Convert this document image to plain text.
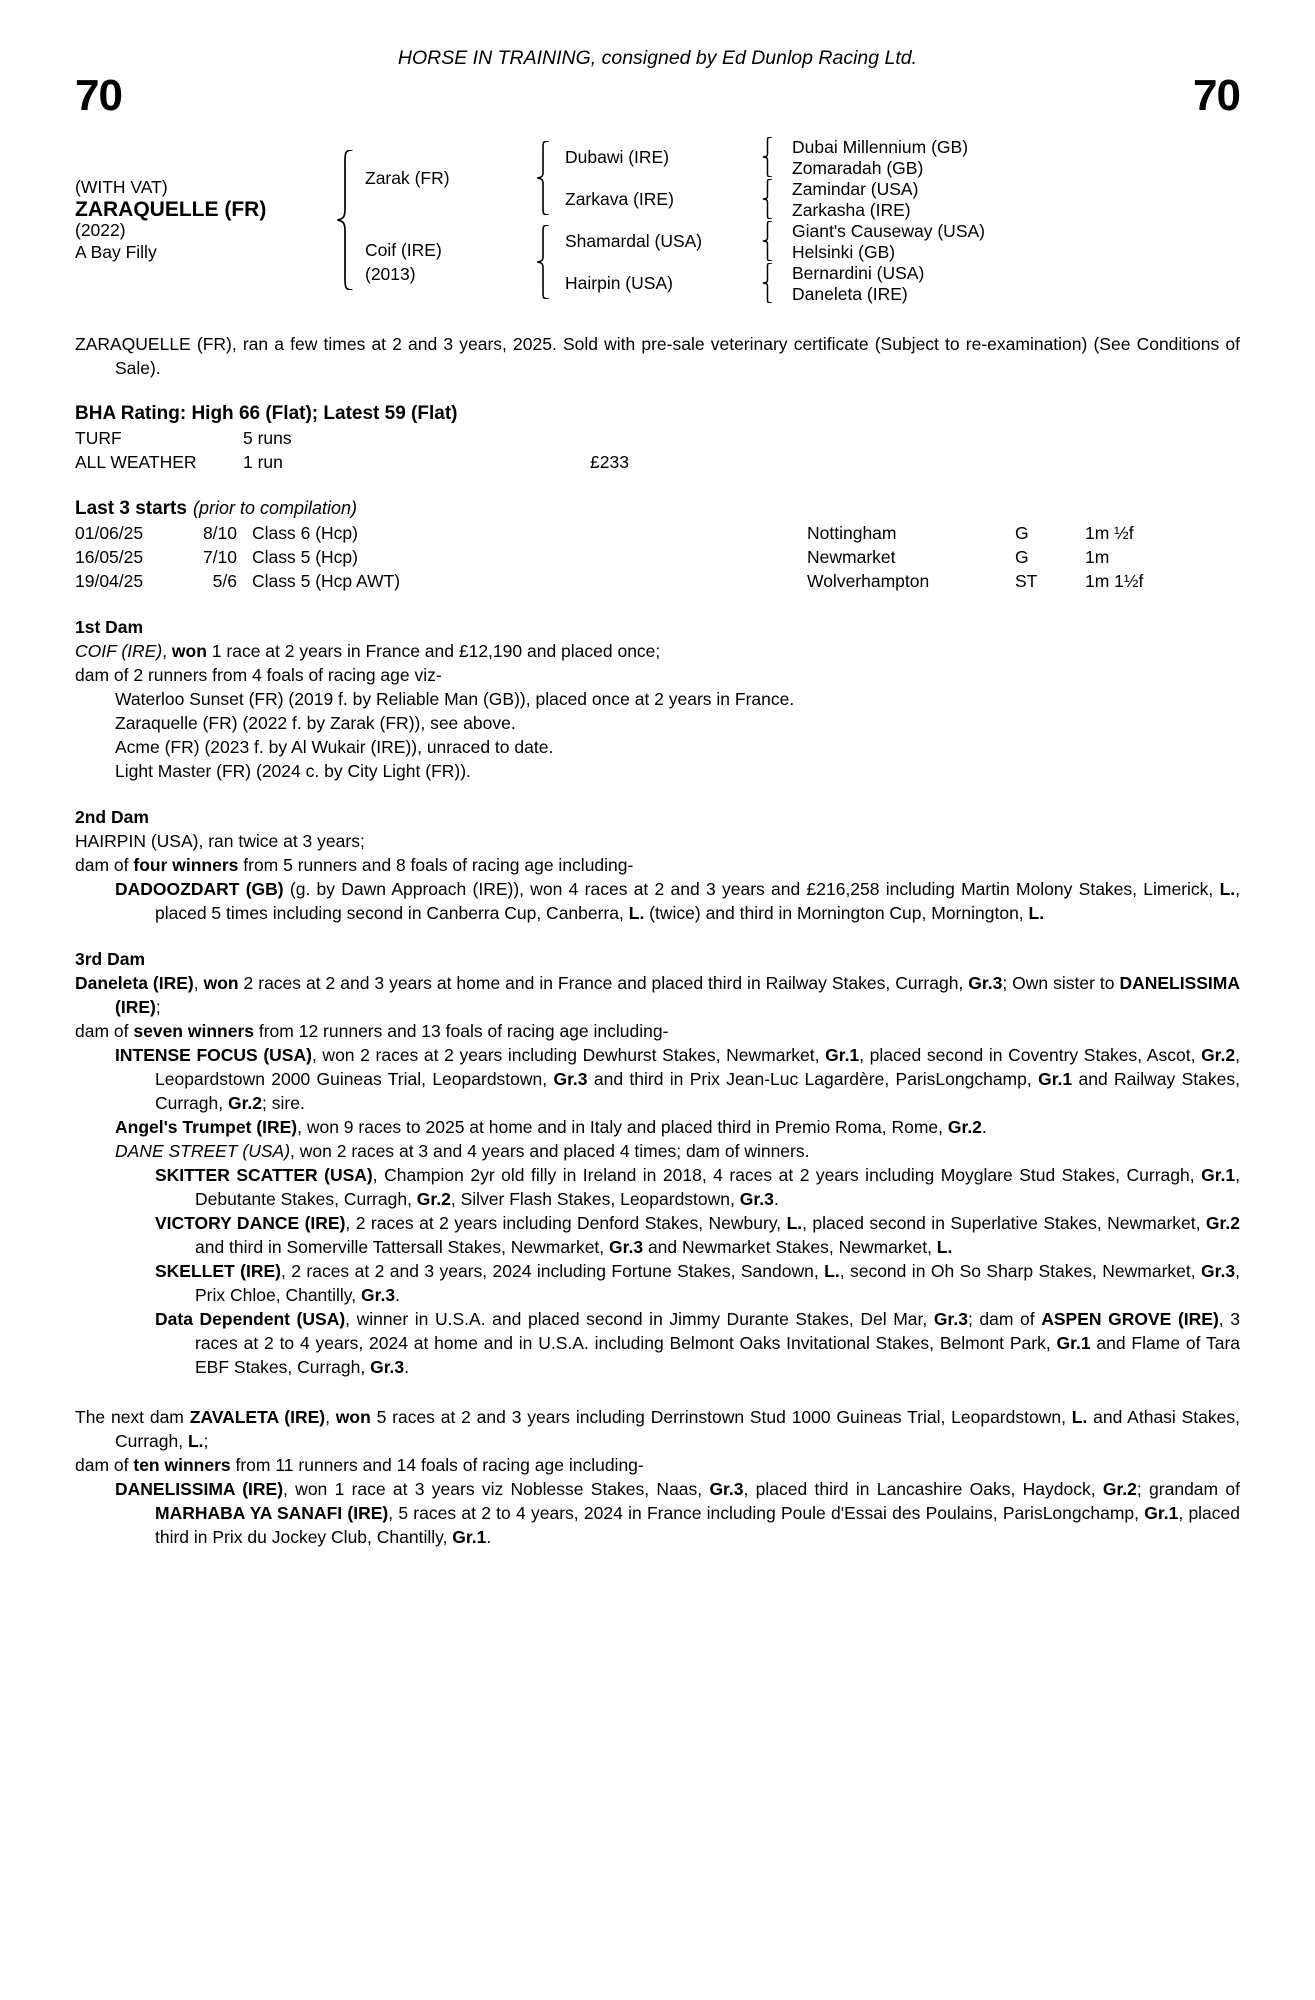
HORSE IN TRAINING, consigned by Ed Dunlop Racing Ltd.
70	70
(WITH VAT)
ZARAQUELLE (FR)
(2022)
A Bay Filly
Zarak (FR)
Coif (IRE)
(2013)
Dubawi (IRE)
Zarkava (IRE)
Shamardal (USA)
Hairpin (USA)
Dubai Millennium (GB)
Zomaradah (GB)
Zamindar (USA)
Zarkasha (IRE)
Giant's Causeway (USA)
Helsinki (GB)
Bernardini (USA)
Daneleta (IRE)

ZARAQUELLE (FR), ran a few times at 2 and 3 years, 2025. Sold with pre-sale veterinary certificate (Subject to re-examination) (See Conditions of Sale).

BHA Rating: High 66 (Flat); Latest 59 (Flat)
TURF	5 runs
ALL WEATHER	1 run	£233
Last 3 starts (prior to compilation)
01/06/25	8/10 Class 6 (Hcp)	Nottingham	G	1m ½f
16/05/25	7/10 Class 5 (Hcp)	Newmarket	G	1m
19/04/25	5/6 Class 5 (Hcp AWT)	Wolverhampton	ST	1m 1½f

1st Dam

COIF (IRE), won 1 race at 2 years in France and £12,190 and placed once;

dam of 2 runners from 4 foals of racing age viz-

Waterloo Sunset (FR) (2019 f. by Reliable Man (GB)), placed once at 2 years in France.

Zaraquelle (FR) (2022 f. by Zarak (FR)), see above.

Acme (FR) (2023 f. by Al Wukair (IRE)), unraced to date.

Light Master (FR) (2024 c. by City Light (FR)).

2nd Dam

HAIRPIN (USA), ran twice at 3 years;

dam of four winners from 5 runners and 8 foals of racing age including-

DADOOZDART (GB) (g. by Dawn Approach (IRE)), won 4 races at 2 and 3 years and £216,258 including Martin Molony Stakes, Limerick, L., placed 5 times including second in Canberra Cup, Canberra, L. (twice) and third in Mornington Cup, Mornington, L.

3rd Dam

Daneleta (IRE), won 2 races at 2 and 3 years at home and in France and placed third in Railway Stakes, Curragh, Gr.3; Own sister to DANELISSIMA (IRE);

dam of seven winners from 12 runners and 13 foals of racing age including-

INTENSE FOCUS (USA), won 2 races at 2 years including Dewhurst Stakes, Newmarket, Gr.1, placed second in Coventry Stakes, Ascot, Gr.2, Leopardstown 2000 Guineas Trial, Leopardstown, Gr.3 and third in Prix Jean-Luc Lagardère, ParisLongchamp, Gr.1 and Railway Stakes, Curragh, Gr.2; sire.

Angel's Trumpet (IRE), won 9 races to 2025 at home and in Italy and placed third in Premio Roma, Rome, Gr.2.

DANE STREET (USA), won 2 races at 3 and 4 years and placed 4 times; dam of winners.

SKITTER SCATTER (USA), Champion 2yr old filly in Ireland in 2018, 4 races at 2 years including Moyglare Stud Stakes, Curragh, Gr.1, Debutante Stakes, Curragh, Gr.2, Silver Flash Stakes, Leopardstown, Gr.3.

VICTORY DANCE (IRE), 2 races at 2 years including Denford Stakes, Newbury, L., placed second in Superlative Stakes, Newmarket, Gr.2 and third in Somerville Tattersall Stakes, Newmarket, Gr.3 and Newmarket Stakes, Newmarket, L.

SKELLET (IRE), 2 races at 2 and 3 years, 2024 including Fortune Stakes, Sandown, L., second in Oh So Sharp Stakes, Newmarket, Gr.3, Prix Chloe, Chantilly, Gr.3.

Data Dependent (USA), winner in U.S.A. and placed second in Jimmy Durante Stakes, Del Mar, Gr.3; dam of ASPEN GROVE (IRE), 3 races at 2 to 4 years, 2024 at home and in U.S.A. including Belmont Oaks Invitational Stakes, Belmont Park, Gr.1 and Flame of Tara EBF Stakes, Curragh, Gr.3.

The next dam ZAVALETA (IRE), won 5 races at 2 and 3 years including Derrinstown Stud 1000 Guineas Trial, Leopardstown, L. and Athasi Stakes, Curragh, L.;

dam of ten winners from 11 runners and 14 foals of racing age including-

DANELISSIMA (IRE), won 1 race at 3 years viz Noblesse Stakes, Naas, Gr.3, placed third in Lancashire Oaks, Haydock, Gr.2; grandam of MARHABA YA SANAFI (IRE), 5 races at 2 to 4 years, 2024 in France including Poule d'Essai des Poulains, ParisLongchamp, Gr.1, placed third in Prix du Jockey Club, Chantilly, Gr.1.
